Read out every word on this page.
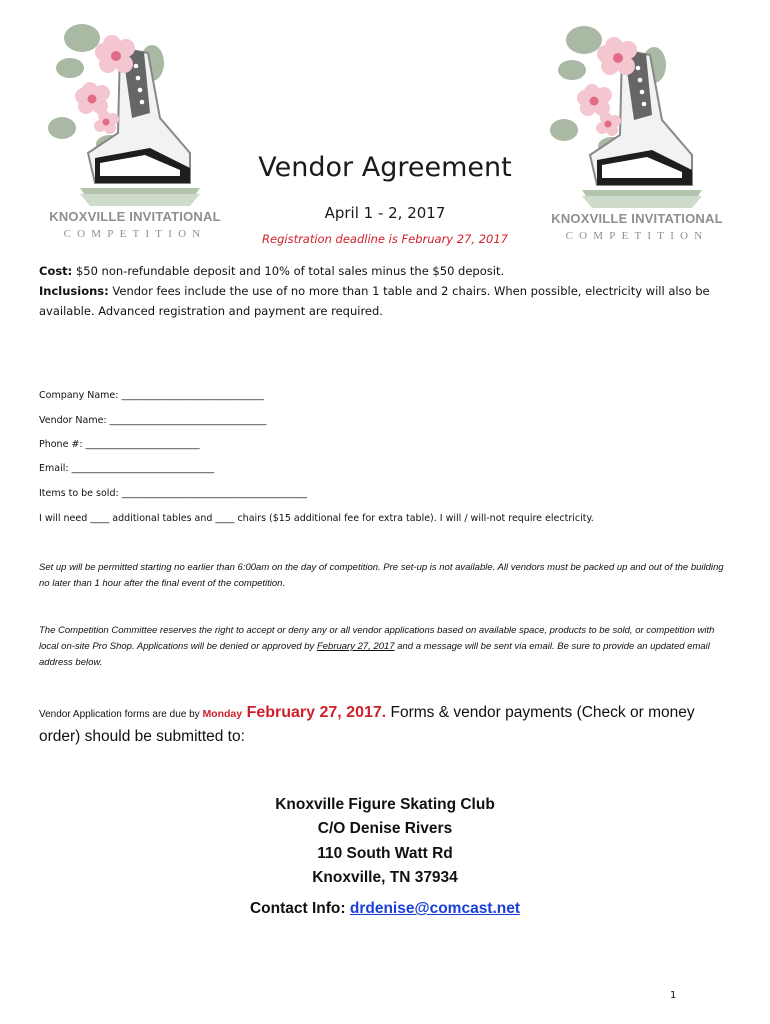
KNOXVILLE INVITATIONAL
COMPETITION
KNOXVILLE INVITATIONAL
COMPETITION
Vendor Agreement
April 1 - 2, 2017
Registration deadline is February 27, 2017
Cost: $50 non-refundable deposit and 10% of total sales minus the $50 deposit.
Inclusions: Vendor fees include the use of no more than 1 table and 2 chairs. When possible, electricity will also be available. Advanced registration and payment are required.
Company Name: ______________________________
Vendor Name: _________________________________
Phone #: ________________________
Email: ______________________________
Items to be sold: _______________________________________
I will need ____ additional tables and ____ chairs ($15 additional fee for extra table). I will / will-not require electricity.
Set up will be permitted starting no earlier than 6:00am on the day of competition. Pre set-up is not available. All vendors must be packed up and out of the building no later than 1 hour after the final event of the competition.
The Competition Committee reserves the right to accept or deny any or all vendor applications based on available space, products to be sold, or competition with local on-site Pro Shop. Applications will be denied or approved by February 27, 2017 and a message will be sent via email. Be sure to provide an updated email address below.
Vendor Application forms are due by Monday February 27, 2017. Forms & vendor payments (Check or money order) should be submitted to:
Knoxville Figure Skating Club
C/O Denise Rivers
110 South Watt Rd
Knoxville, TN 37934
Contact Info: drdenise@comcast.net
1
